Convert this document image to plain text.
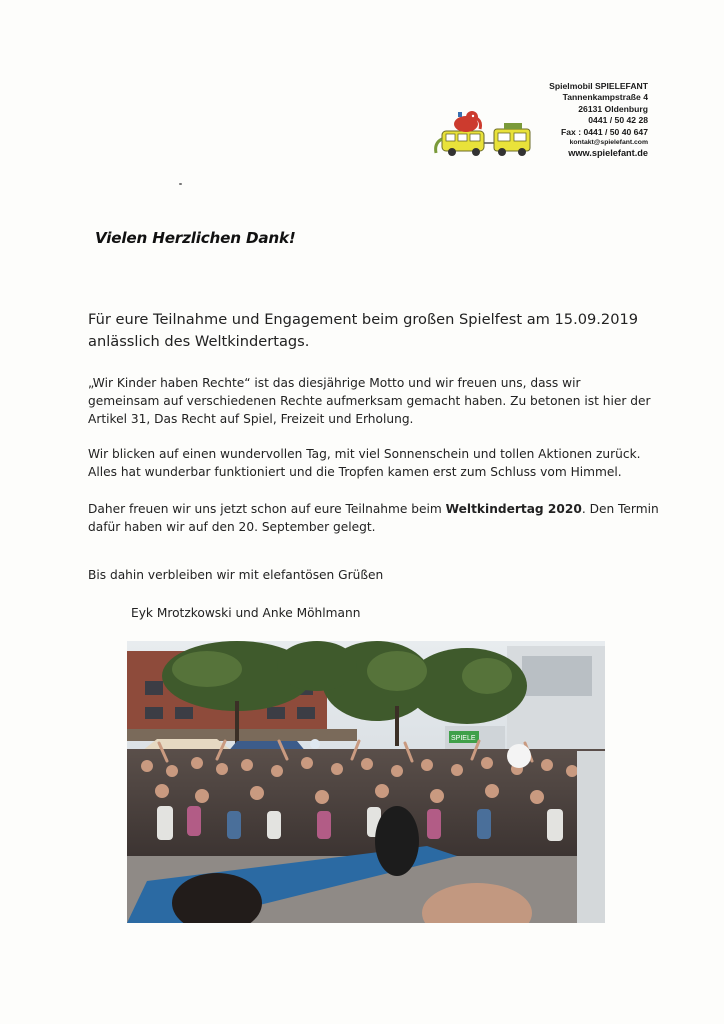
Spielmobil SPIELEFANT
Tannenkampstraße 4
26131 Oldenburg
0441 / 50 42 28
Fax : 0441 / 50 40 647
kontakt@spielefant.com
www.spielefant.de
Vielen Herzlichen Dank!

Für eure Teilnahme und Engagement beim großen Spielfest am 15.09.2019
anlässlich des Weltkindertags.

„Wir Kinder haben Rechte“ ist das diesjährige Motto und wir freuen uns, dass wir
gemeinsam auf verschiedenen Rechte aufmerksam gemacht haben. Zu betonen ist hier der
Artikel 31, Das Recht auf Spiel, Freizeit und Erholung.

Wir blicken auf einen wundervollen Tag, mit viel Sonnenschein und tollen Aktionen zurück.
Alles hat wunderbar funktioniert und die Tropfen kamen erst zum Schluss vom Himmel.

Daher freuen wir uns jetzt schon auf eure Teilnahme beim Weltkindertag 2020. Den Termin
dafür haben wir auf den 20. September gelegt.

Bis dahin verbleiben wir mit elefantösen Grüßen

Eyk Mrotzkowski und Anke Möhlmann
SPIELE
